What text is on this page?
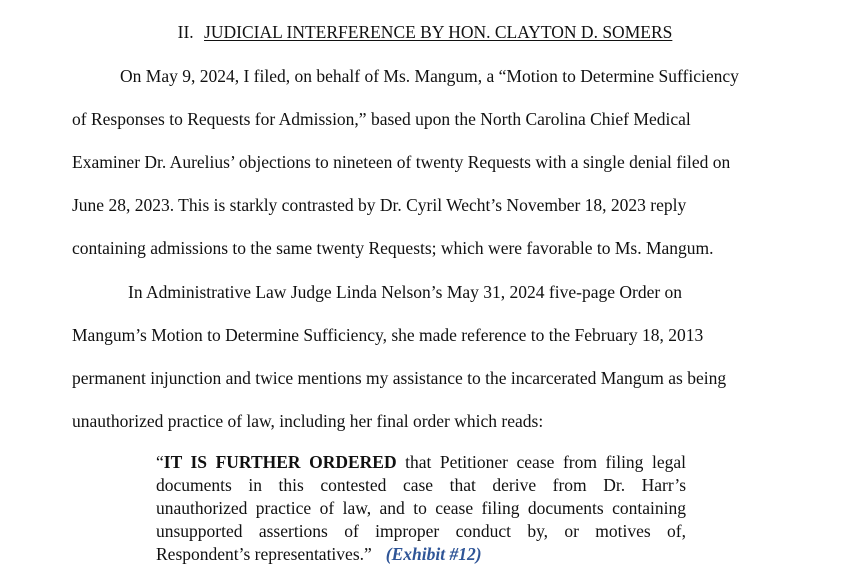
II. JUDICIAL INTERFERENCE BY HON. CLAYTON D. SOMERS
On May 9, 2024, I filed, on behalf of Ms. Mangum, a “Motion to Determine Sufficiency
of Responses to Requests for Admission,” based upon the North Carolina Chief Medical
Examiner Dr. Aurelius’ objections to nineteen of twenty Requests with a single denial filed on
June 28, 2023. This is starkly contrasted by Dr. Cyril Wecht’s November 18, 2023 reply
containing admissions to the same twenty Requests; which were favorable to Ms. Mangum.
In Administrative Law Judge Linda Nelson’s May 31, 2024 five-page Order on
Mangum’s Motion to Determine Sufficiency, she made reference to the February 18, 2013
permanent injunction and twice mentions my assistance to the incarcerated Mangum as being
unauthorized practice of law, including her final order which reads:
“IT IS FURTHER ORDERED that Petitioner cease from filing legal
documents in this contested case that derive from Dr. Harr’s
unauthorized practice of law, and to cease filing documents containing
unsupported assertions of improper conduct by, or motives of,
Respondent’s representatives.” (Exhibit #12)
